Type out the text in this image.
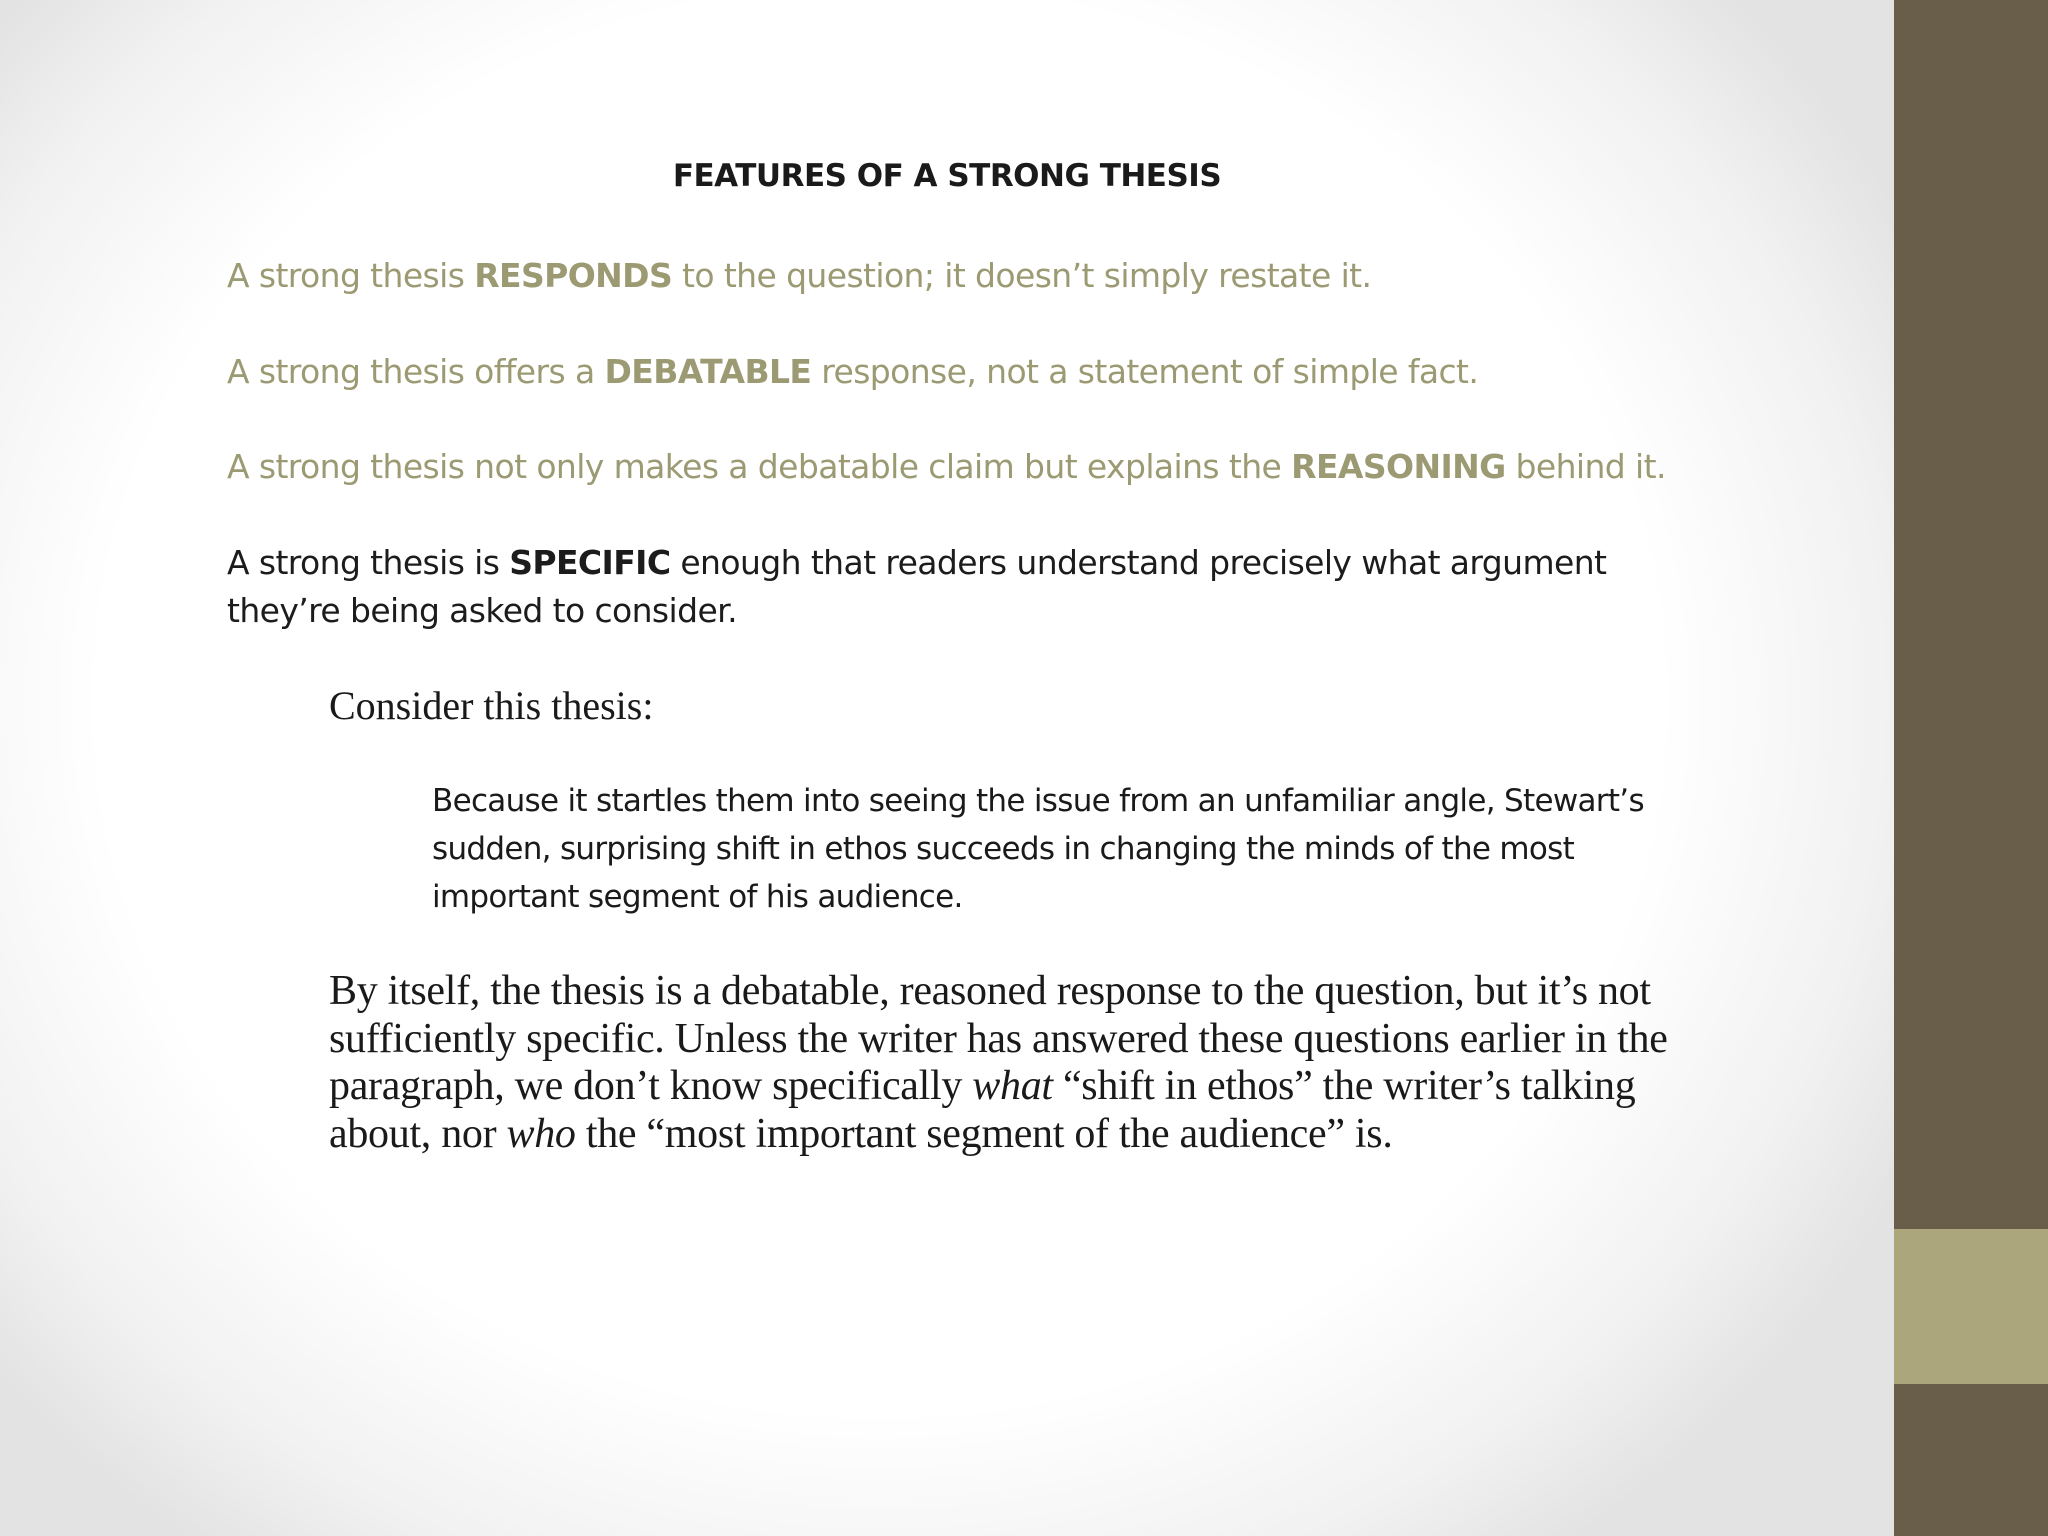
FEATURES OF A STRONG THESIS
A strong thesis RESPONDS to the question; it doesn’t simply restate it.
A strong thesis offers a DEBATABLE response, not a statement of simple fact.
A strong thesis not only makes a debatable claim but explains the REASONING behind it.
A strong thesis is SPECIFIC enough that readers understand precisely what argument they’re being asked to consider.
Consider this thesis:
Because it startles them into seeing the issue from an unfamiliar angle, Stewart’s sudden, surprising shift in ethos succeeds in changing the minds of the most important segment of his audience.
By itself, the thesis is a debatable, reasoned response to the question, but it’s not sufficiently specific. Unless the writer has answered these questions earlier in the paragraph, we don’t know specifically what “shift in ethos” the writer’s talking about, nor who the “most important segment of the audience” is.
